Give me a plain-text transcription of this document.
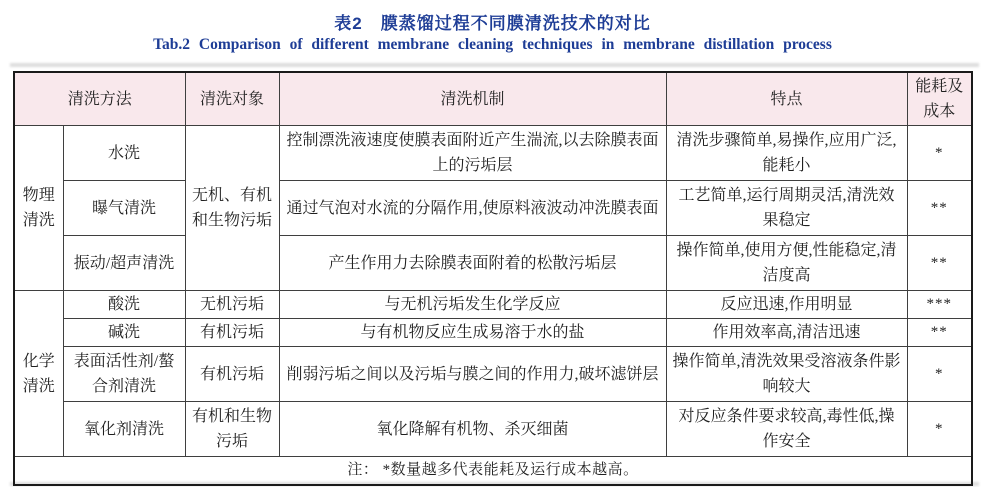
表2　膜蒸馏过程不同膜清洗技术的对比
Tab.2 Comparison of different membrane cleaning techniques in membrane distillation process
清洗方法		清洗对象	清洗机制	特点	能耗及成本
物理清洗	水洗	无机、有机和生物污垢	控制漂洗液速度使膜表面附近产生湍流,以去除膜表面上的污垢层	清洗步骤简单,易操作,应用广泛,能耗小	*
	曝气清洗		通过气泡对水流的分隔作用,使原料液波动冲洗膜表面	工艺简单,运行周期灵活,清洗效果稳定	**
	振动/超声清洗		产生作用力去除膜表面附着的松散污垢层	操作简单,使用方便,性能稳定,清洁度高	**
化学清洗	酸洗	无机污垢	与无机污垢发生化学反应	反应迅速,作用明显	***
	碱洗	有机污垢	与有机物反应生成易溶于水的盐	作用效率高,清洁迅速	**
	表面活性剂/螯合剂清洗	有机污垢	削弱污垢之间以及污垢与膜之间的作用力,破坏滤饼层	操作简单,清洗效果受溶液条件影响较大	*
	氧化剂清洗	有机和生物污垢	氧化降解有机物、杀灭细菌	对反应条件要求较高,毒性低,操作安全	*
注： *数量越多代表能耗及运行成本越高。					
